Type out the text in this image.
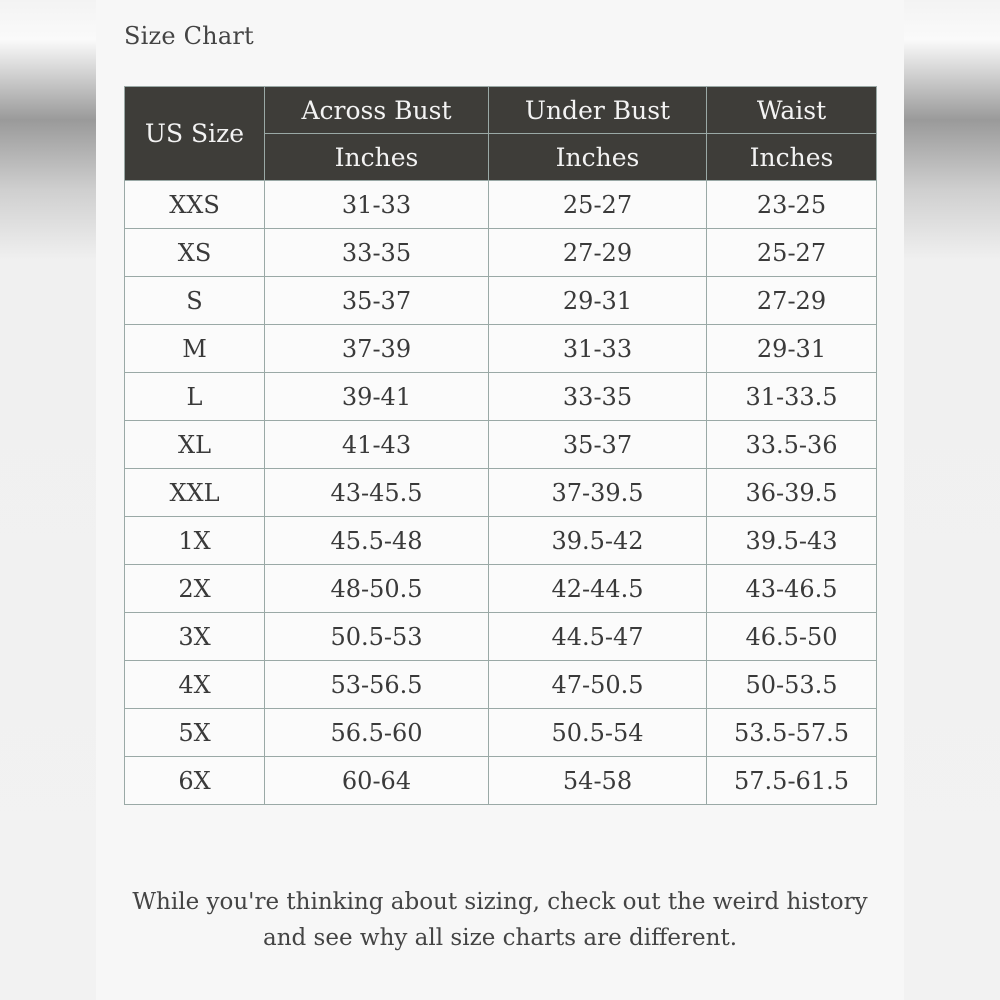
Size Chart
US Size	Across Bust	Under Bust	Waist
	Inches	Inches	Inches
XXS	31-33	25-27	23-25
XS	33-35	27-29	25-27
S	35-37	29-31	27-29
M	37-39	31-33	29-31
L	39-41	33-35	31-33.5
XL	41-43	35-37	33.5-36
XXL	43-45.5	37-39.5	36-39.5
1X	45.5-48	39.5-42	39.5-43
2X	48-50.5	42-44.5	43-46.5
3X	50.5-53	44.5-47	46.5-50
4X	53-56.5	47-50.5	50-53.5
5X	56.5-60	50.5-54	53.5-57.5
6X	60-64	54-58	57.5-61.5
While you're thinking about sizing, check out the weird history
and see why all size charts are different.
